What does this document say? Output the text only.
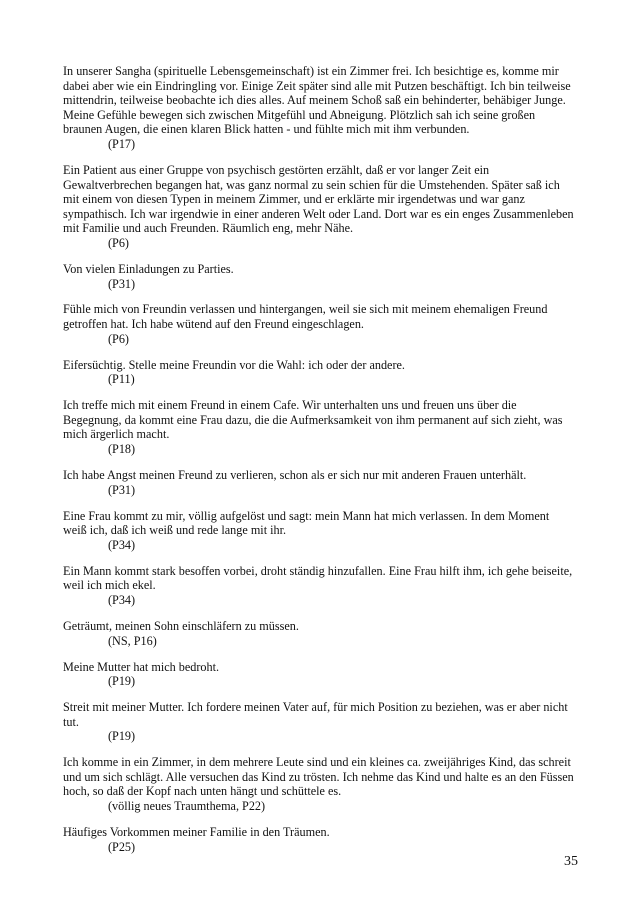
In unserer Sangha (spirituelle Lebensgemeinschaft) ist ein Zimmer frei. Ich besichtige es, komme mir dabei aber wie ein Eindringling vor. Einige Zeit später sind alle mit Putzen beschäftigt. Ich bin teilweise mittendrin, teilweise beobachte ich dies alles. Auf meinem Schoß saß ein behinderter, behäbiger Junge. Meine Gefühle bewegen sich zwischen Mitgefühl und Abneigung. Plötzlich sah ich seine großen braunen Augen, die einen klaren Blick hatten - und fühlte mich mit ihm verbunden.

(P17)

Ein Patient aus einer Gruppe von psychisch gestörten erzählt, daß er vor langer Zeit ein Gewaltverbrechen begangen hat, was ganz normal zu sein schien für die Umstehenden. Später saß ich mit einem von diesen Typen in meinem Zimmer, und er erklärte mir irgendetwas und war ganz sympathisch. Ich war irgendwie in einer anderen Welt oder Land. Dort war es ein enges Zusammenleben mit Familie und auch Freunden. Räumlich eng, mehr Nähe.

(P6)

Von vielen Einladungen zu Parties.

(P31)

Fühle mich von Freundin verlassen und hintergangen, weil sie sich mit meinem ehemaligen Freund getroffen hat. Ich habe wütend auf den Freund eingeschlagen.

(P6)

Eifersüchtig. Stelle meine Freundin vor die Wahl: ich oder der andere.

(P11)

Ich treffe mich mit einem Freund in einem Cafe. Wir unterhalten uns und freuen uns über die Begegnung, da kommt eine Frau dazu, die die Aufmerksamkeit von ihm permanent auf sich zieht, was mich ärgerlich macht.

(P18)

Ich habe Angst meinen Freund zu verlieren, schon als er sich nur mit anderen Frauen unterhält.

(P31)

Eine Frau kommt zu mir, völlig aufgelöst und sagt: mein Mann hat mich verlassen. In dem Moment weiß ich, daß ich weiß und rede lange mit ihr.

(P34)

Ein Mann kommt stark besoffen vorbei, droht ständig hinzufallen. Eine Frau hilft ihm, ich gehe beiseite, weil ich mich ekel.

(P34)

Geträumt, meinen Sohn einschläfern zu müssen.

(NS, P16)

Meine Mutter hat mich bedroht.

(P19)

Streit mit meiner Mutter. Ich fordere meinen Vater auf, für mich Position zu beziehen, was er aber nicht tut.

(P19)

Ich komme in ein Zimmer, in dem mehrere Leute sind und ein kleines ca. zweijähriges Kind, das schreit und um sich schlägt. Alle versuchen das Kind zu trösten. Ich nehme das Kind und halte es an den Füssen hoch, so daß der Kopf nach unten hängt und schüttele es.

(völlig neues Traumthema, P22)

Häufiges Vorkommen meiner Familie in den Träumen.

(P25)

35
